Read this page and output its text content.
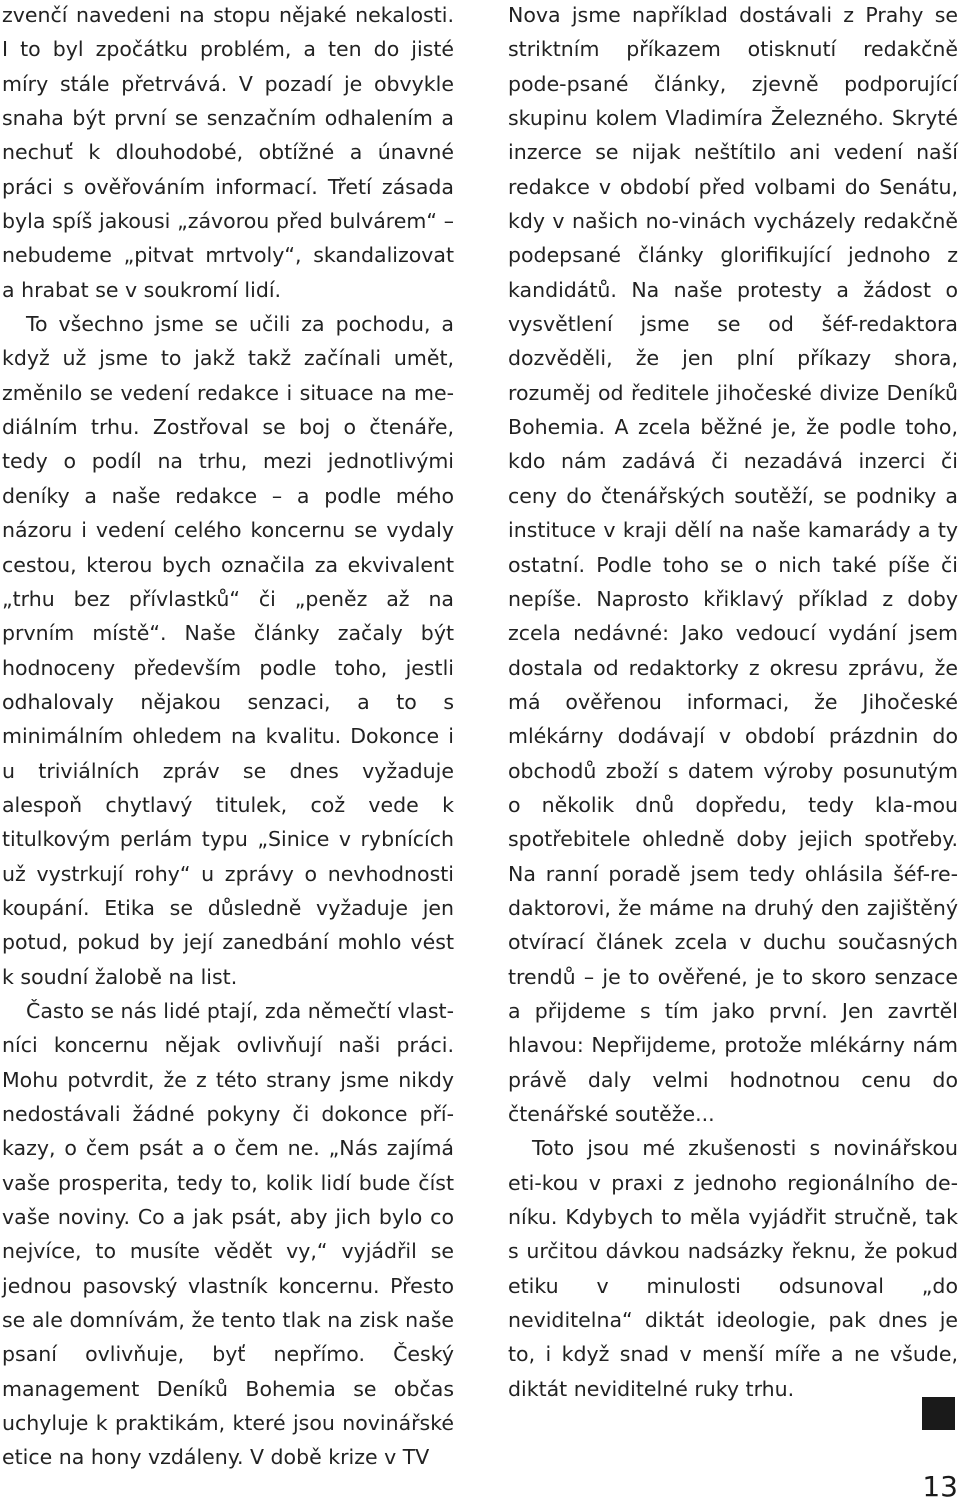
zvenčí navedeni na stopu nějaké nekalosti. I to byl zpočátku problém, a ten do jisté míry stále přetrvává. V pozadí je obvykle snaha být první se senzačním odhalením a nechuť k dlouhodobé, obtížné a únavné práci s ověřováním informací. Třetí zásada byla spíš jakousi „závorou před bulvárem“ – nebudeme „pitvat mrtvoly“, skandalizovat a hrabat se v soukromí lidí.

To všechno jsme se učili za pochodu, a když už jsme to jakž takž začínali umět, změnilo se vedení redakce i situace na mediálním trhu. Zostřoval se boj o čtenáře, tedy o podíl na trhu, mezi jednotlivými deníky a naše redakce – a podle mého názoru i vedení celého koncernu se vydaly cestou, kterou bych označila za ekvivalent „trhu bez přívlastků“ či „peněz až na prvním místě“. Naše články začaly být hodnoceny především podle toho, jestli odhalovaly nějakou senzaci, a to s minimálním ohledem na kvalitu. Dokonce i u triviálních zpráv se dnes vyžaduje alespoň chytlavý titulek, což vede k titulkovým perlám typu „Sinice v rybnících už vystrkují rohy“ u zprávy o nevhodnosti koupání. Etika se důsledně vyžaduje jen potud, pokud by její zanedbání mohlo vést k soudní žalobě na list.

Často se nás lidé ptají, zda němečtí vlastníci koncernu nějak ovlivňují naši práci. Mohu potvrdit, že z této strany jsme nikdy nedostávali žádné pokyny či dokonce příkazy, o čem psát a o čem ne. „Nás zajímá vaše prosperita, tedy to, kolik lidí bude číst vaše noviny. Co a jak psát, aby jich bylo co nejvíce, to musíte vědět vy,“ vyjádřil se jednou pasovský vlastník koncernu. Přesto se ale domnívám, že tento tlak na zisk naše psaní ovlivňuje, byť nepřímo. Český management Deníků Bohemia se občas uchyluje k praktikám, které jsou novinářské etice na hony vzdáleny. V době krize v TV

Nova jsme například dostávali z Prahy se striktním příkazem otisknutí redakčně pode-psané články, zjevně podporující skupinu kolem Vladimíra Železného. Skryté inzerce se nijak neštítilo ani vedení naší redakce v období před volbami do Senátu, kdy v našich no-vinách vycházely redakčně podepsané články glorifikující jednoho z kandidátů. Na naše protesty a žádost o vysvětlení jsme se od šéf-redaktora dozvěděli, že jen plní příkazy shora, rozuměj od ředitele jihočeské divize Deníků Bohemia. A zcela běžné je, že podle toho, kdo nám zadává či nezadává inzerci či ceny do čtenářských soutěží, se podniky a instituce v kraji dělí na naše kamarády a ty ostatní. Podle toho se o nich také píše či nepíše. Naprosto křiklavý příklad z doby zcela nedávné: Jako vedoucí vydání jsem dostala od redaktorky z okresu zprávu, že má ověřenou informaci, že Jihočeské mlékárny dodávají v období prázdnin do obchodů zboží s datem výroby posunutým o několik dnů dopředu, tedy kla-mou spotřebitele ohledně doby jejich spotřeby. Na ranní poradě jsem tedy ohlásila šéf-redaktorovi, že máme na druhý den zajištěný otvírací článek zcela v duchu současných trendů – je to ověřené, je to skoro senzace a přijdeme s tím jako první. Jen zavrtěl hlavou: Nepřijdeme, protože mlékárny nám právě daly velmi hodnotnou cenu do čtenářské soutěže...

Toto jsou mé zkušenosti s novinářskou eti-kou v praxi z jednoho regionálního deníku. Kdybych to měla vyjádřit stručně, tak s určitou dávkou nadsázky řeknu, že pokud etiku v minulosti odsunoval „do neviditelna“ diktát ideologie, pak dnes je to, i když snad v menší míře a ne všude, diktát neviditelné ruky trhu.

13
